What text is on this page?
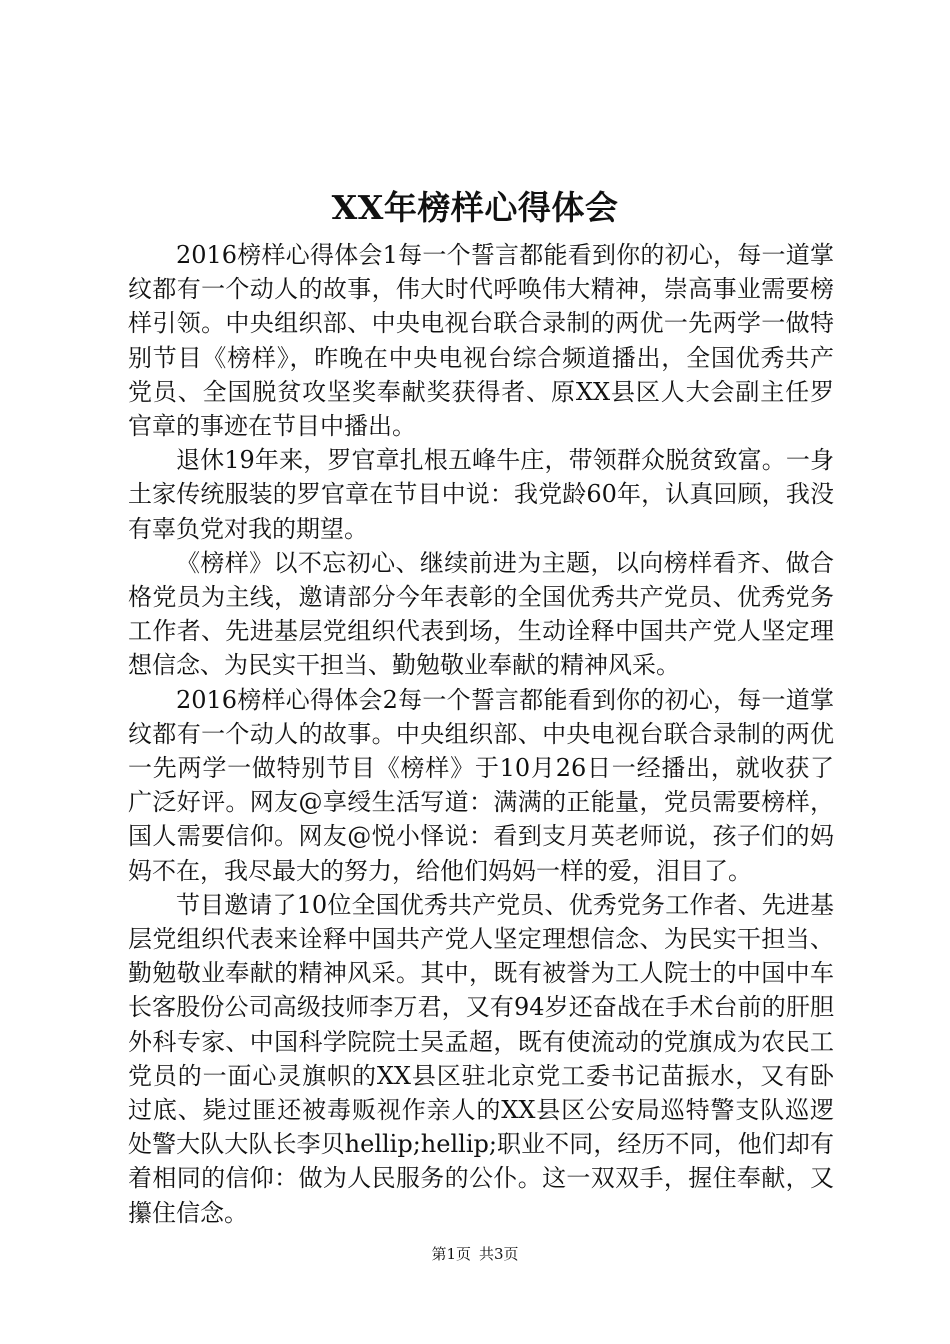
XX年榜样心得体会

2016榜样心得体会1每一个誓言都能看到你的初心，每一道掌纹都有一个动人的故事，伟大时代呼唤伟大精神，崇高事业需要榜样引领。中央组织部、中央电视台联合录制的两优一先两学一做特别节目《榜样》，昨晚在中央电视台综合频道播出，全国优秀共产党员、全国脱贫攻坚奖奉献奖获得者、原XX县区人大会副主任罗官章的事迹在节目中播出。

退休19年来，罗官章扎根五峰牛庄，带领群众脱贫致富。一身土家传统服装的罗官章在节目中说：我党龄60年，认真回顾，我没有辜负党对我的期望。

《榜样》以不忘初心、继续前进为主题，以向榜样看齐、做合格党员为主线，邀请部分今年表彰的全国优秀共产党员、优秀党务工作者、先进基层党组织代表到场，生动诠释中国共产党人坚定理想信念、为民实干担当、勤勉敬业奉献的精神风采。

2016榜样心得体会2每一个誓言都能看到你的初心，每一道掌纹都有一个动人的故事。中央组织部、中央电视台联合录制的两优一先两学一做特别节目《榜样》于10月26日一经播出，就收获了广泛好评。网友@享绶生活写道：满满的正能量，党员需要榜样，国人需要信仰。网友@悦小怿说：看到支月英老师说，孩子们的妈妈不在，我尽最大的努力，给他们妈妈一样的爱，泪目了。

节目邀请了10位全国优秀共产党员、优秀党务工作者、先进基层党组织代表来诠释中国共产党人坚定理想信念、为民实干担当、勤勉敬业奉献的精神风采。其中，既有被誉为工人院士的中国中车长客股份公司高级技师李万君，又有94岁还奋战在手术台前的肝胆外科专家、中国科学院院士吴孟超，既有使流动的党旗成为农民工党员的一面心灵旗帜的XX县区驻北京党工委书记苗振水，又有卧过底、毙过匪还被毒贩视作亲人的XX县区公安局巡特警支队巡逻处警大队大队长李贝hellip;hellip;职业不同，经历不同，他们却有着相同的信仰：做为人民服务的公仆。这一双双手，握住奉献，又攥住信念。

第1页 共3页
